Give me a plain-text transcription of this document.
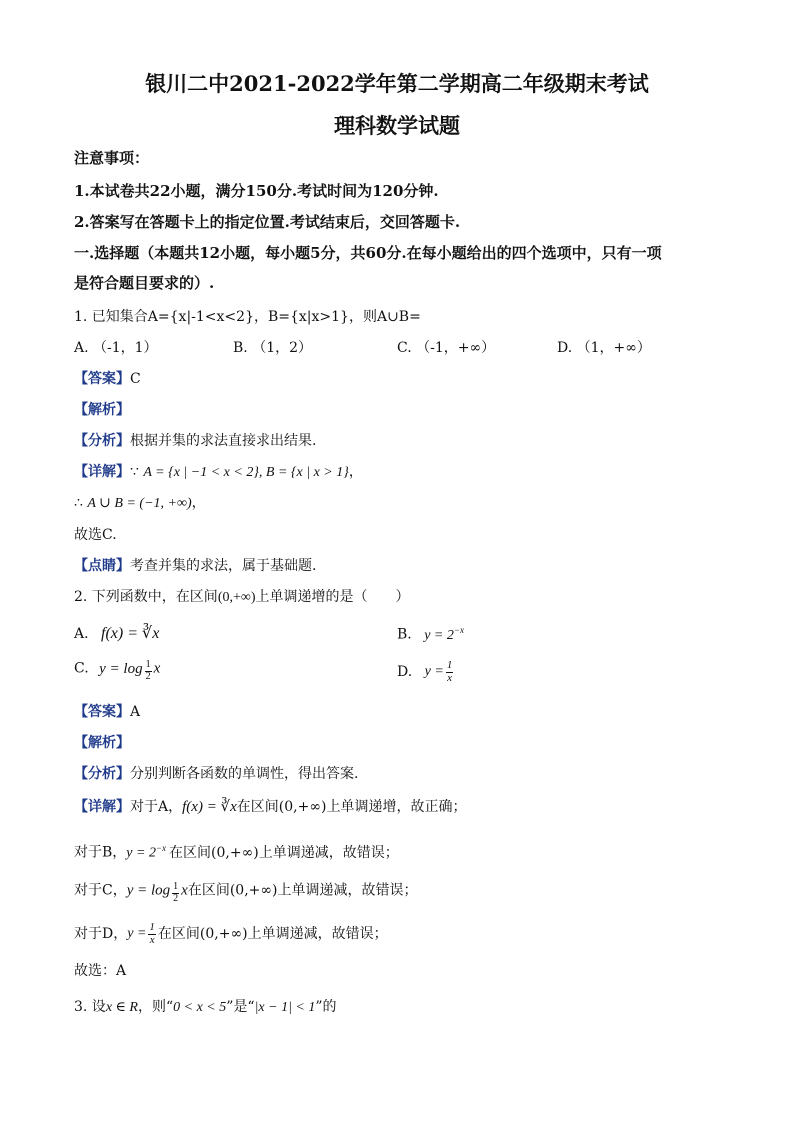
银川二中2021-2022学年第二学期高二年级期末考试
理科数学试题
注意事项：
1.本试卷共22小题，满分150分.考试时间为120分钟.
2.答案写在答题卡上的指定位置.考试结束后，交回答题卡.
一.选择题（本题共12小题，每小题5分，共60分.在每小题给出的四个选项中，只有一项
是符合题目要求的）.
1. 已知集合A={x|-1<x<2}，B={x|x>1}，则A∪B=
A. （-1，1）	B. （1，2）	C. （-1，+∞）	D. （1，+∞）
【答案】C
【解析】
【分析】根据并集的求法直接求出结果.
【详解】∵ A = {x | −1 < x < 2}, B = {x | x > 1}，
∴ A ∪ B = (−1, +∞)，
故选C.
【点睛】考查并集的求法，属于基础题.
2. 下列函数中，在区间(0,+∞)上单调递增的是（　　）
A. f(x) = ∛x	B. $y = 2^{-x}$
C. $y = \log \frac{1}{2}$ x	D. $y = \frac{1}{x}$
【答案】A
【解析】
【分析】分别判断各函数的单调性，得出答案.
【详解】对于A，f(x) = ∛x在区间(0,+∞)上单调递增，故正确；
对于B，$y = 2^{-x}$ 在区间(0,+∞)上单调递减，故错误；
对于C，$y = \log \frac{1}{2}$ x在区间(0,+∞)上单调递减，故错误；
对于D，$y = \frac{1}{x}$ 在区间(0,+∞)上单调递减，故错误；
故选：A
3. 设x ∈ R，则“0 < x < 5”是“|x − 1| < 1”的
